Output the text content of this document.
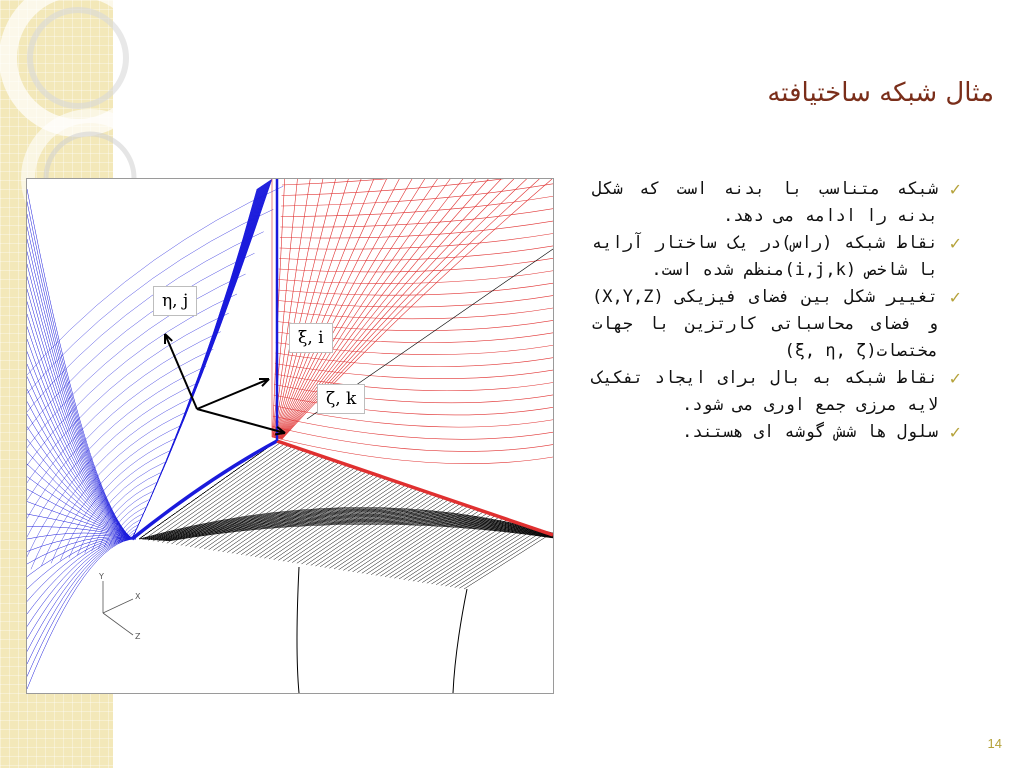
مثال شبکه ساختیافته
Y
X
Z
η, j
ξ, i
ζ, k
✓
شبکه متناسب با بدنه است که شکل بدنه را ادامه می دهد.
✓
نقاط شبکه (راس)در یک ساختار آرایه با شاخص (i,j,k)منظم شده است.
✓
تغییر شکل بین فضای فیزیکی (X,Y,Z) و فضای محاسباتی کارتزین با جهات مختصات(ξ, η, ζ)
✓
نقاط شبکه به بال برای ایجاد تفکیک لایه مرزی جمع اوری می شود.
✓
سلول ها شش گوشه ای هستند.
14
